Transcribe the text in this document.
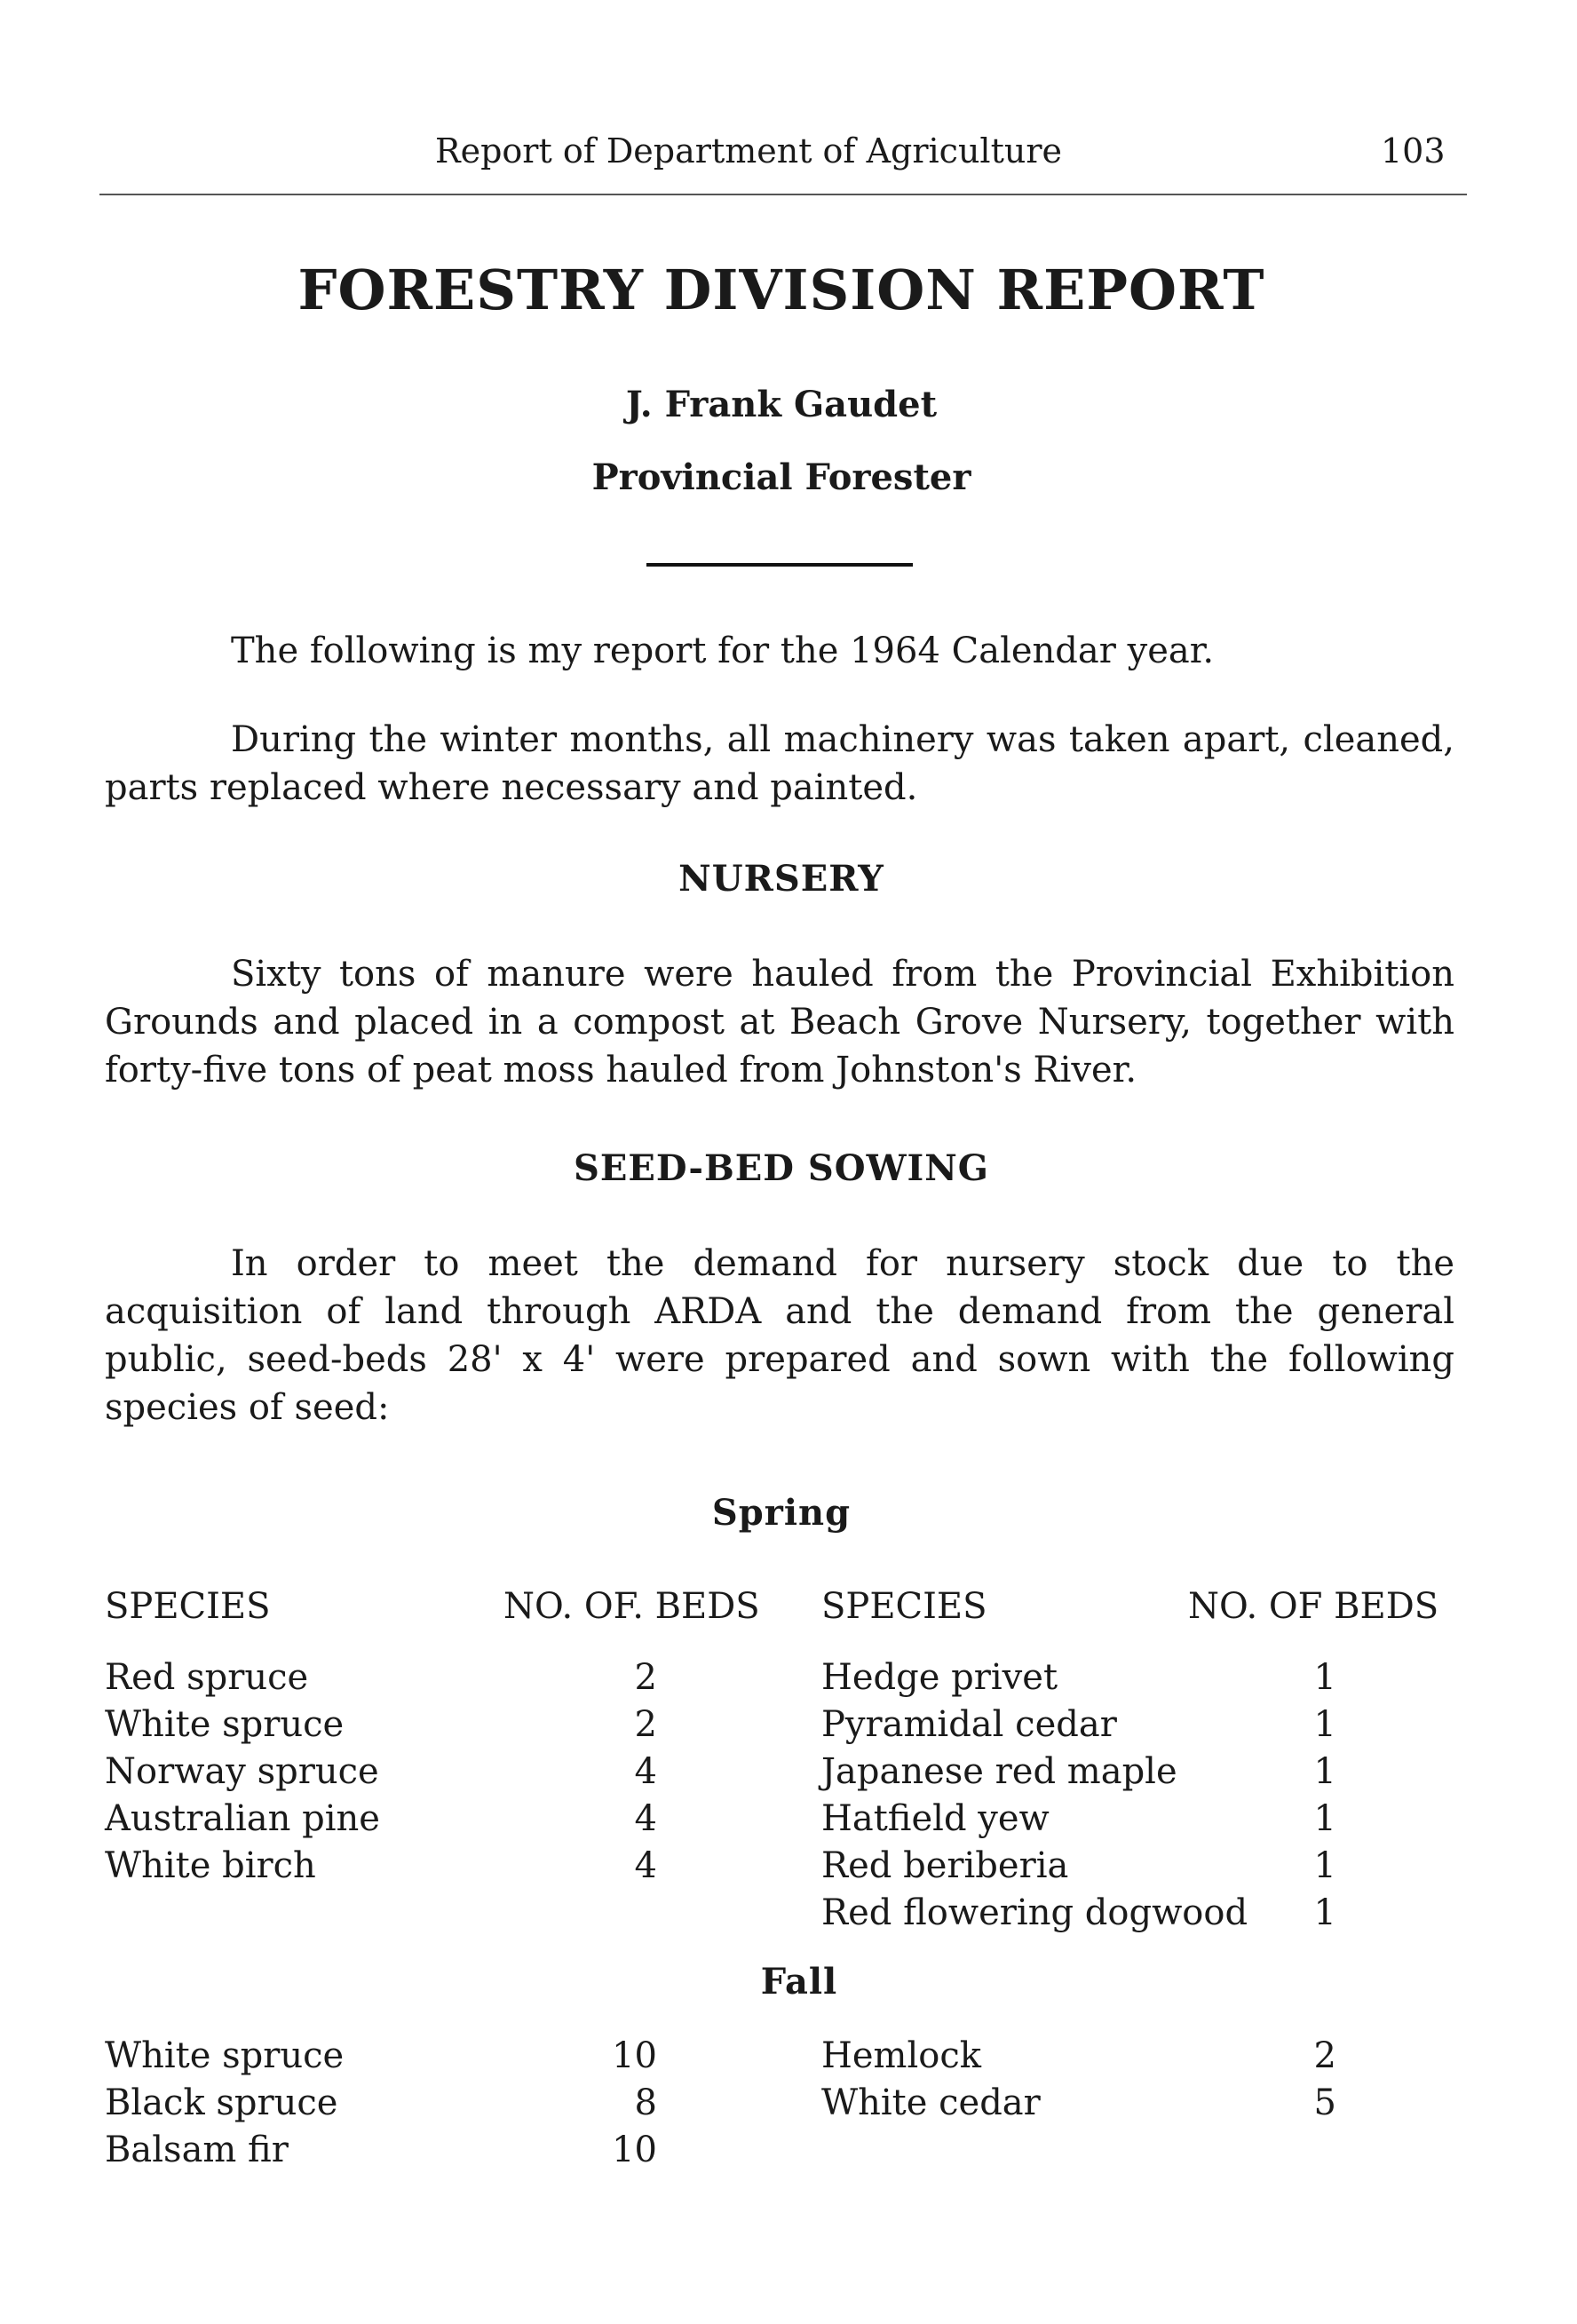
Report of Department of Agriculture	103
FORESTRY DIVISION REPORT
J. Frank Gaudet
Provincial Forester

The following is my report for the 1964 Calendar year.

During the winter months, all machinery was taken apart, cleaned, parts replaced where necessary and painted.

NURSERY

Sixty tons of manure were hauled from the Provincial Exhibition Grounds and placed in a compost at Beach Grove Nursery, together with forty-five tons of peat moss hauled from Johnston's River.

SEED-BED SOWING

In order to meet the demand for nursery stock due to the acquisition of land through ARDA and the demand from the general public, seed-beds 28' x 4' were prepared and sown with the following species of seed:

Spring
SPECIES	NO. OF. BEDS SPECIES	NO. OF BEDS
Red spruce	2
White spruce	2
Norway spruce	4
Australian pine	4
White birch	4
Hedge privet	1
Pyramidal cedar	1
Japanese red maple	1
Hatfield yew	1
Red beriberia	1
Red flowering dogwood	1
Fall
White spruce	10
Black spruce	8
Balsam fir	10
Hemlock	2
White cedar	5
